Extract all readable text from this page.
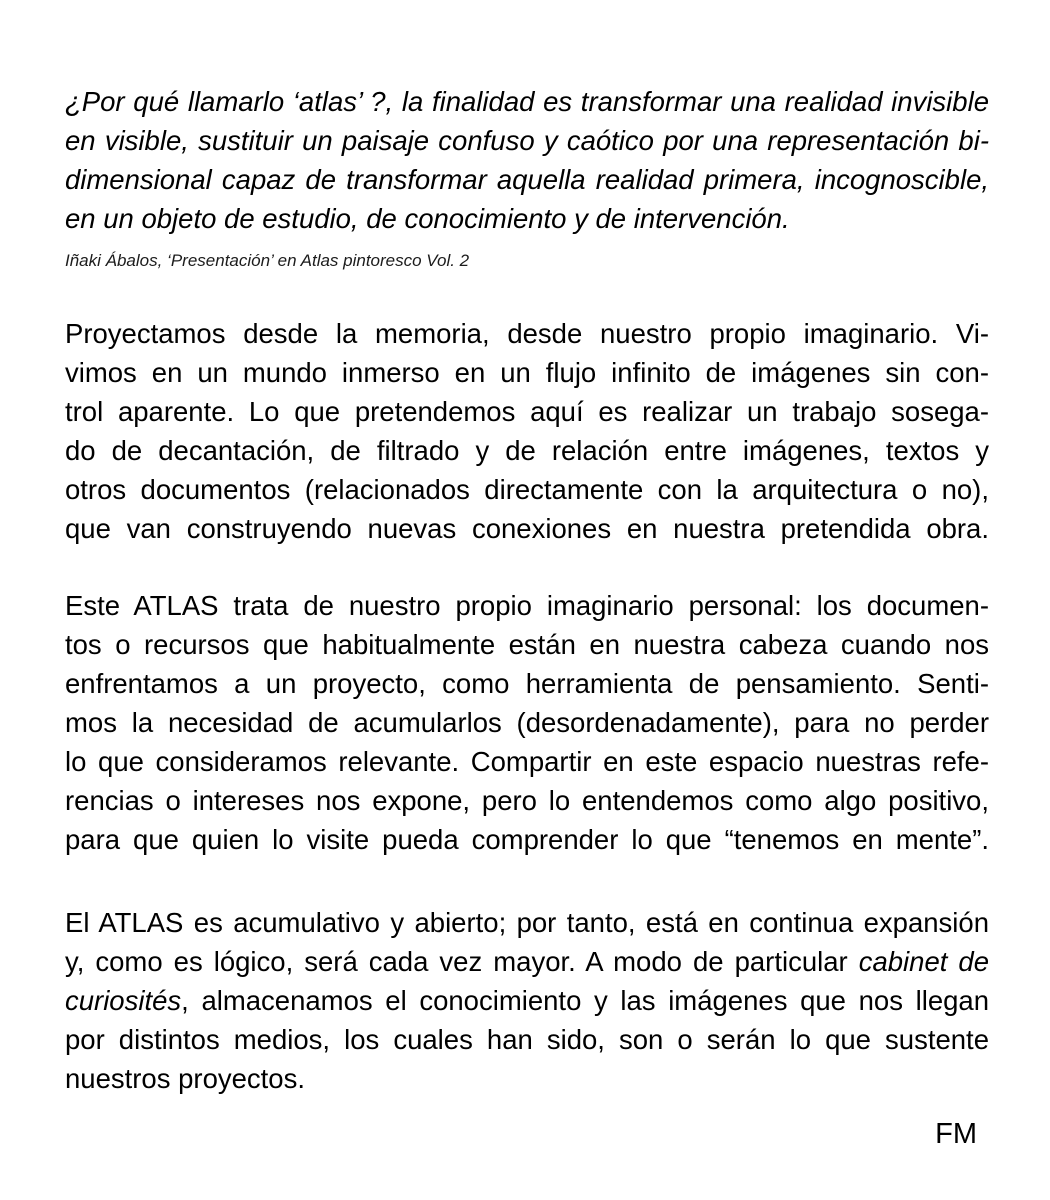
¿Por qué llamarlo ‘atlas’ ?, la finalidad es transformar una realidad invisible
en visible, sustituir un paisaje confuso y caótico por una representación bi-
dimensional capaz de transformar aquella realidad primera, incognoscible,
en un objeto de estudio, de conocimiento y de intervención.
Iñaki Ábalos, ‘Presentación’ en Atlas pintoresco Vol. 2
Proyectamos desde la memoria, desde nuestro propio imaginario. Vi-
vimos en un mundo inmerso en un flujo infinito de imágenes sin con-
trol aparente. Lo que pretendemos aquí es realizar un trabajo sosega-
do de decantación, de filtrado y de relación entre imágenes, textos y
otros documentos (relacionados directamente con la arquitectura o no),
que van construyendo nuevas conexiones en nuestra pretendida obra.
Este ATLAS trata de nuestro propio imaginario personal: los documen-
tos o recursos que habitualmente están en nuestra cabeza cuando nos
enfrentamos a un proyecto, como herramienta de pensamiento. Senti-
mos la necesidad de acumularlos (desordenadamente), para no perder
lo que consideramos relevante. Compartir en este espacio nuestras refe-
rencias o intereses nos expone, pero lo entendemos como algo positivo,
para que quien lo visite pueda comprender lo que “tenemos en mente”.
El ATLAS es acumulativo y abierto; por tanto, está en continua expansión
y, como es lógico, será cada vez mayor. A modo de particular cabinet de
curiosités, almacenamos el conocimiento y las imágenes que nos llegan
por distintos medios, los cuales han sido, son o serán lo que sustente
nuestros proyectos.
FM
